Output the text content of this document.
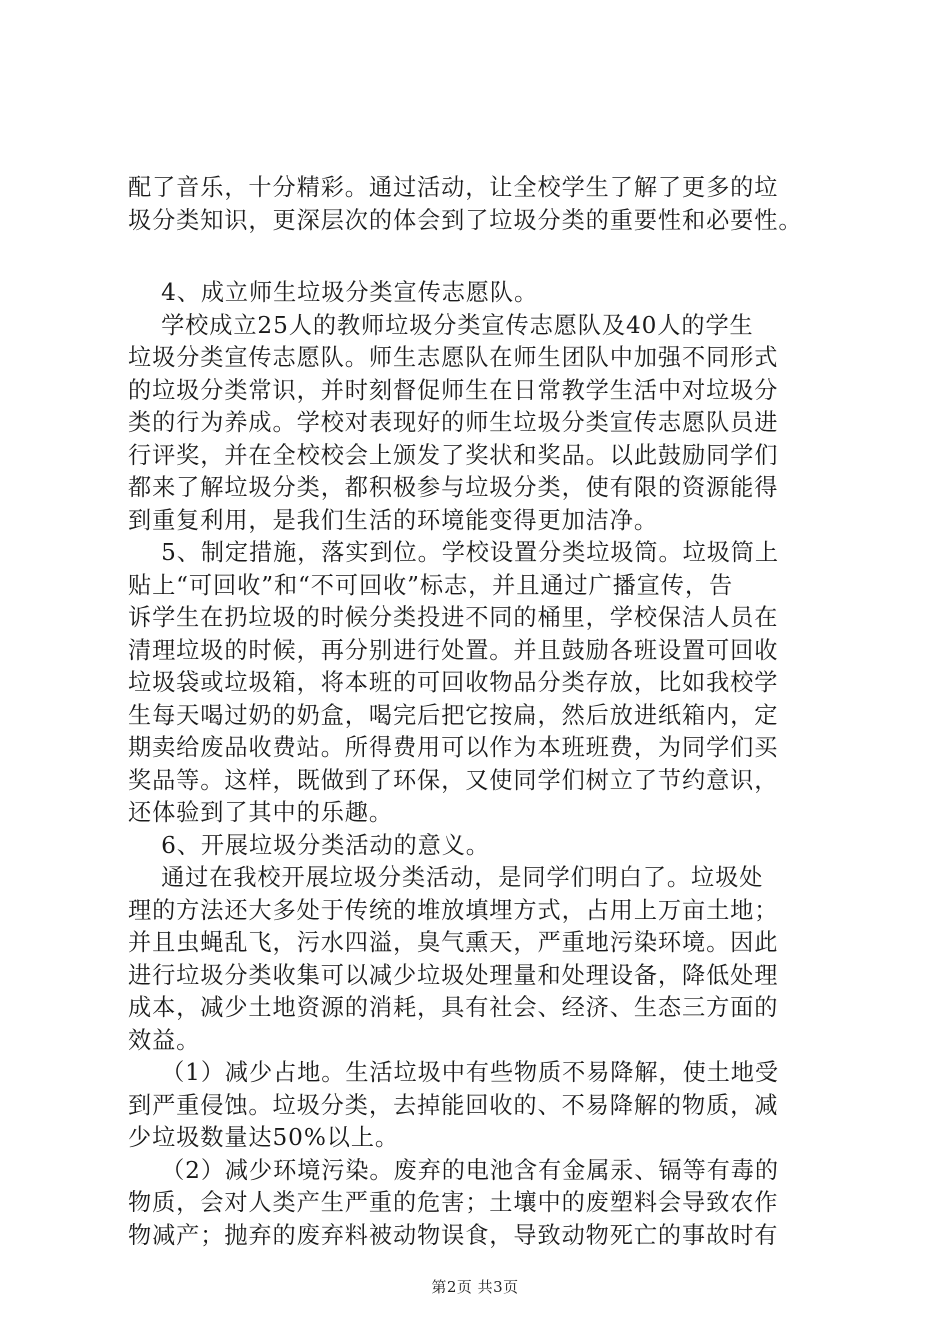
配了音乐，十分精彩。通过活动，让全校学生了解了更多的垃
圾分类知识，更深层次的体会到了垃圾分类的重要性和必要性。
4、成立师生垃圾分类宣传志愿队。
学校成立25人的教师垃圾分类宣传志愿队及40人的学生
垃圾分类宣传志愿队。师生志愿队在师生团队中加强不同形式
的垃圾分类常识，并时刻督促师生在日常教学生活中对垃圾分
类的行为养成。学校对表现好的师生垃圾分类宣传志愿队员进
行评奖，并在全校校会上颁发了奖状和奖品。以此鼓励同学们
都来了解垃圾分类，都积极参与垃圾分类，使有限的资源能得
到重复利用，是我们生活的环境能变得更加洁净。
5、制定措施，落实到位。学校设置分类垃圾筒。垃圾筒上
贴上“可回收”和“不可回收”标志，并且通过广播宣传，告
诉学生在扔垃圾的时候分类投进不同的桶里，学校保洁人员在
清理垃圾的时候，再分别进行处置。并且鼓励各班设置可回收
垃圾袋或垃圾箱，将本班的可回收物品分类存放，比如我校学
生每天喝过奶的奶盒，喝完后把它按扁，然后放进纸箱内，定
期卖给废品收费站。所得费用可以作为本班班费，为同学们买
奖品等。这样，既做到了环保，又使同学们树立了节约意识，
还体验到了其中的乐趣。
6、开展垃圾分类活动的意义。
通过在我校开展垃圾分类活动，是同学们明白了。垃圾处
理的方法还大多处于传统的堆放填埋方式，占用上万亩土地；
并且虫蝇乱飞，污水四溢，臭气熏天，严重地污染环境。因此
进行垃圾分类收集可以减少垃圾处理量和处理设备，降低处理
成本，减少土地资源的消耗，具有社会、经济、生态三方面的
效益。
（1）减少占地。生活垃圾中有些物质不易降解，使土地受
到严重侵蚀。垃圾分类，去掉能回收的、不易降解的物质，减
少垃圾数量达50%以上。
（2）减少环境污染。废弃的电池含有金属汞、镉等有毒的
物质，会对人类产生严重的危害；土壤中的废塑料会导致农作
物减产；抛弃的废弃料被动物误食，导致动物死亡的事故时有
第2页 共3页
